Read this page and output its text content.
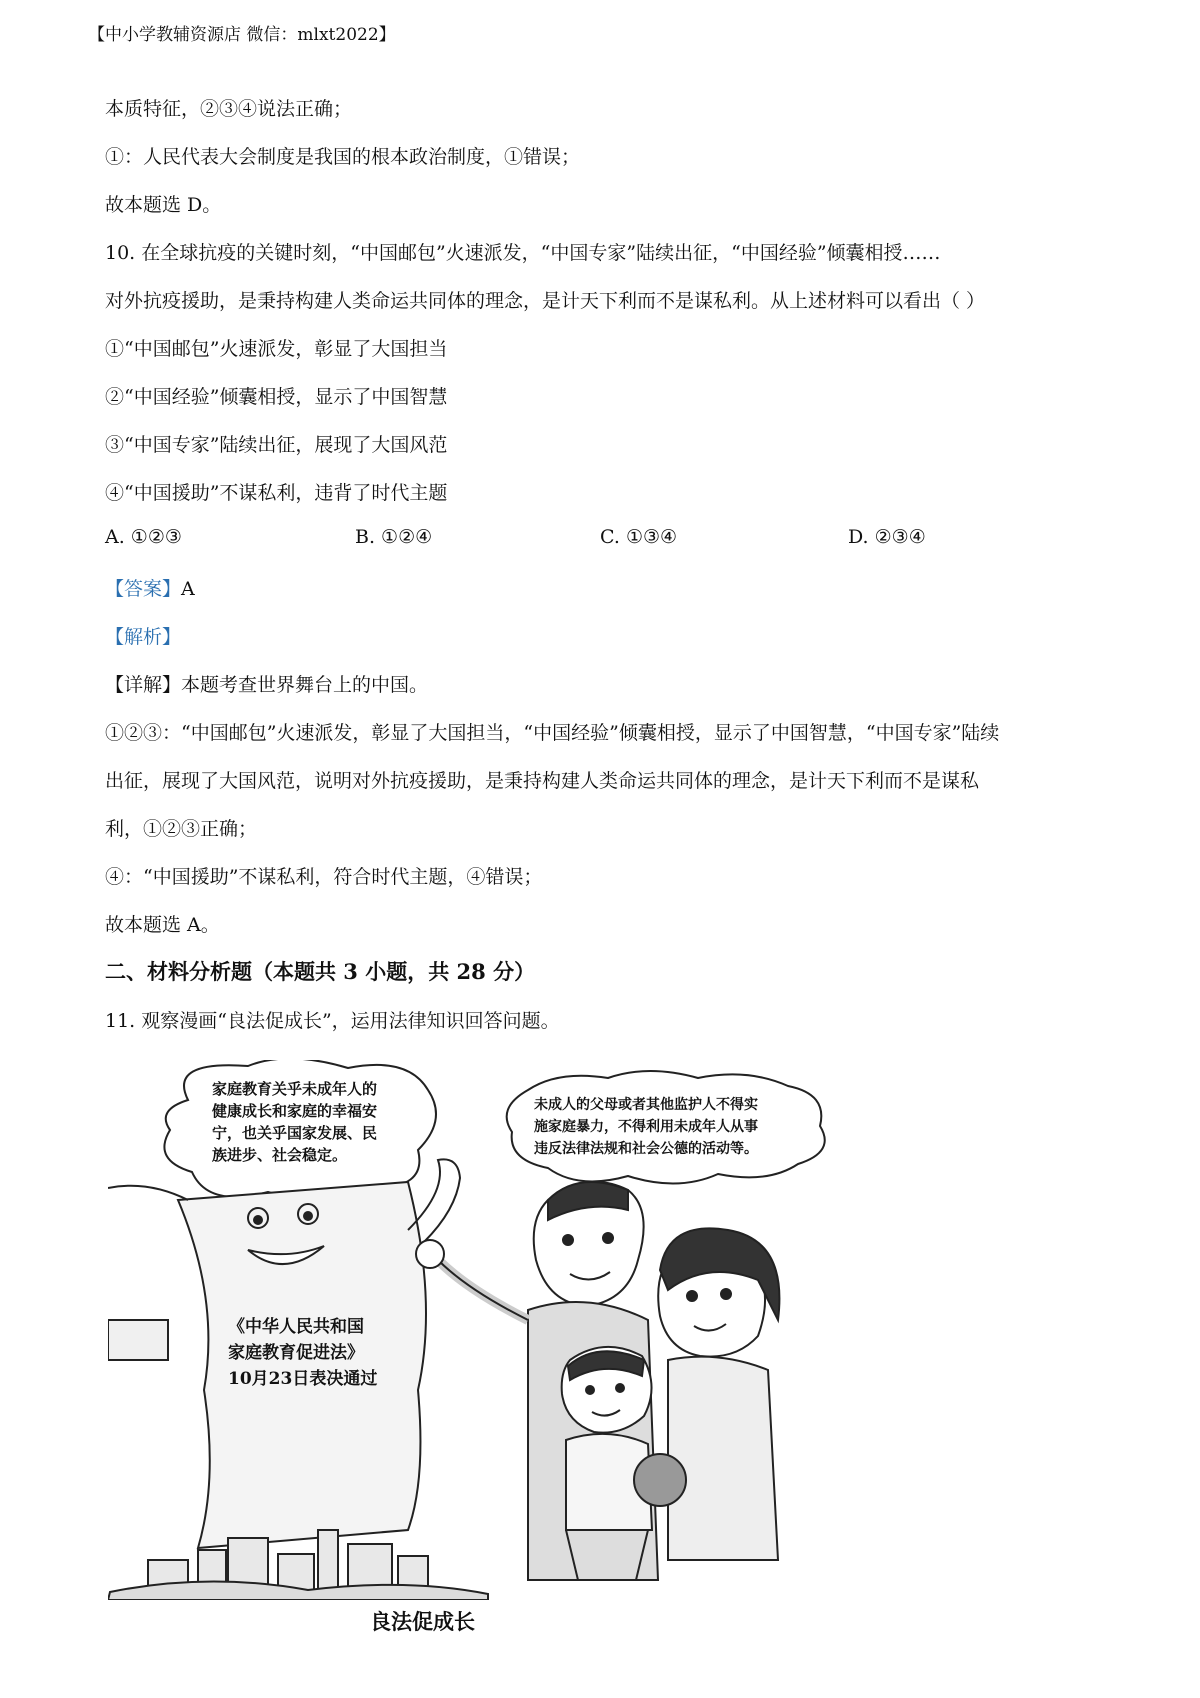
【中小学教辅资源店 微信：mlxt2022】
本质特征，②③④说法正确；
①：人民代表大会制度是我国的根本政治制度，①错误；
故本题选 D。
10. 在全球抗疫的关键时刻，“中国邮包”火速派发，“中国专家”陆续出征，“中国经验”倾囊相授……
对外抗疫援助，是秉持构建人类命运共同体的理念，是计天下利而不是谋私利。从上述材料可以看出（ ）
①“中国邮包”火速派发，彰显了大国担当
②“中国经验”倾囊相授，显示了中国智慧
③“中国专家”陆续出征，展现了大国风范
④“中国援助”不谋私利，违背了时代主题
A. ①②③	B. ①②④	C. ①③④	D. ②③④
【答案】A
【解析】
【详解】本题考查世界舞台上的中国。
①②③：“中国邮包”火速派发，彰显了大国担当，“中国经验”倾囊相授，显示了中国智慧，“中国专家”陆续
出征，展现了大国风范，说明对外抗疫援助，是秉持构建人类命运共同体的理念，是计天下利而不是谋私
利，①②③正确；
④：“中国援助”不谋私利，符合时代主题，④错误；
故本题选 A。
二、材料分析题（本题共 3 小题，共 28 分）
11. 观察漫画“良法促成长”，运用法律知识回答问题。
家庭教育关乎未成年人的
健康成长和家庭的幸福安
宁，也关乎国家发展、民
族进步、社会稳定。
未成人的父母或者其他监护人不得实
施家庭暴力，不得利用未成年人从事
违反法律法规和社会公德的活动等。
《中华人民共和国
家庭教育促进法》
10月23日表决通过
良法促成长
